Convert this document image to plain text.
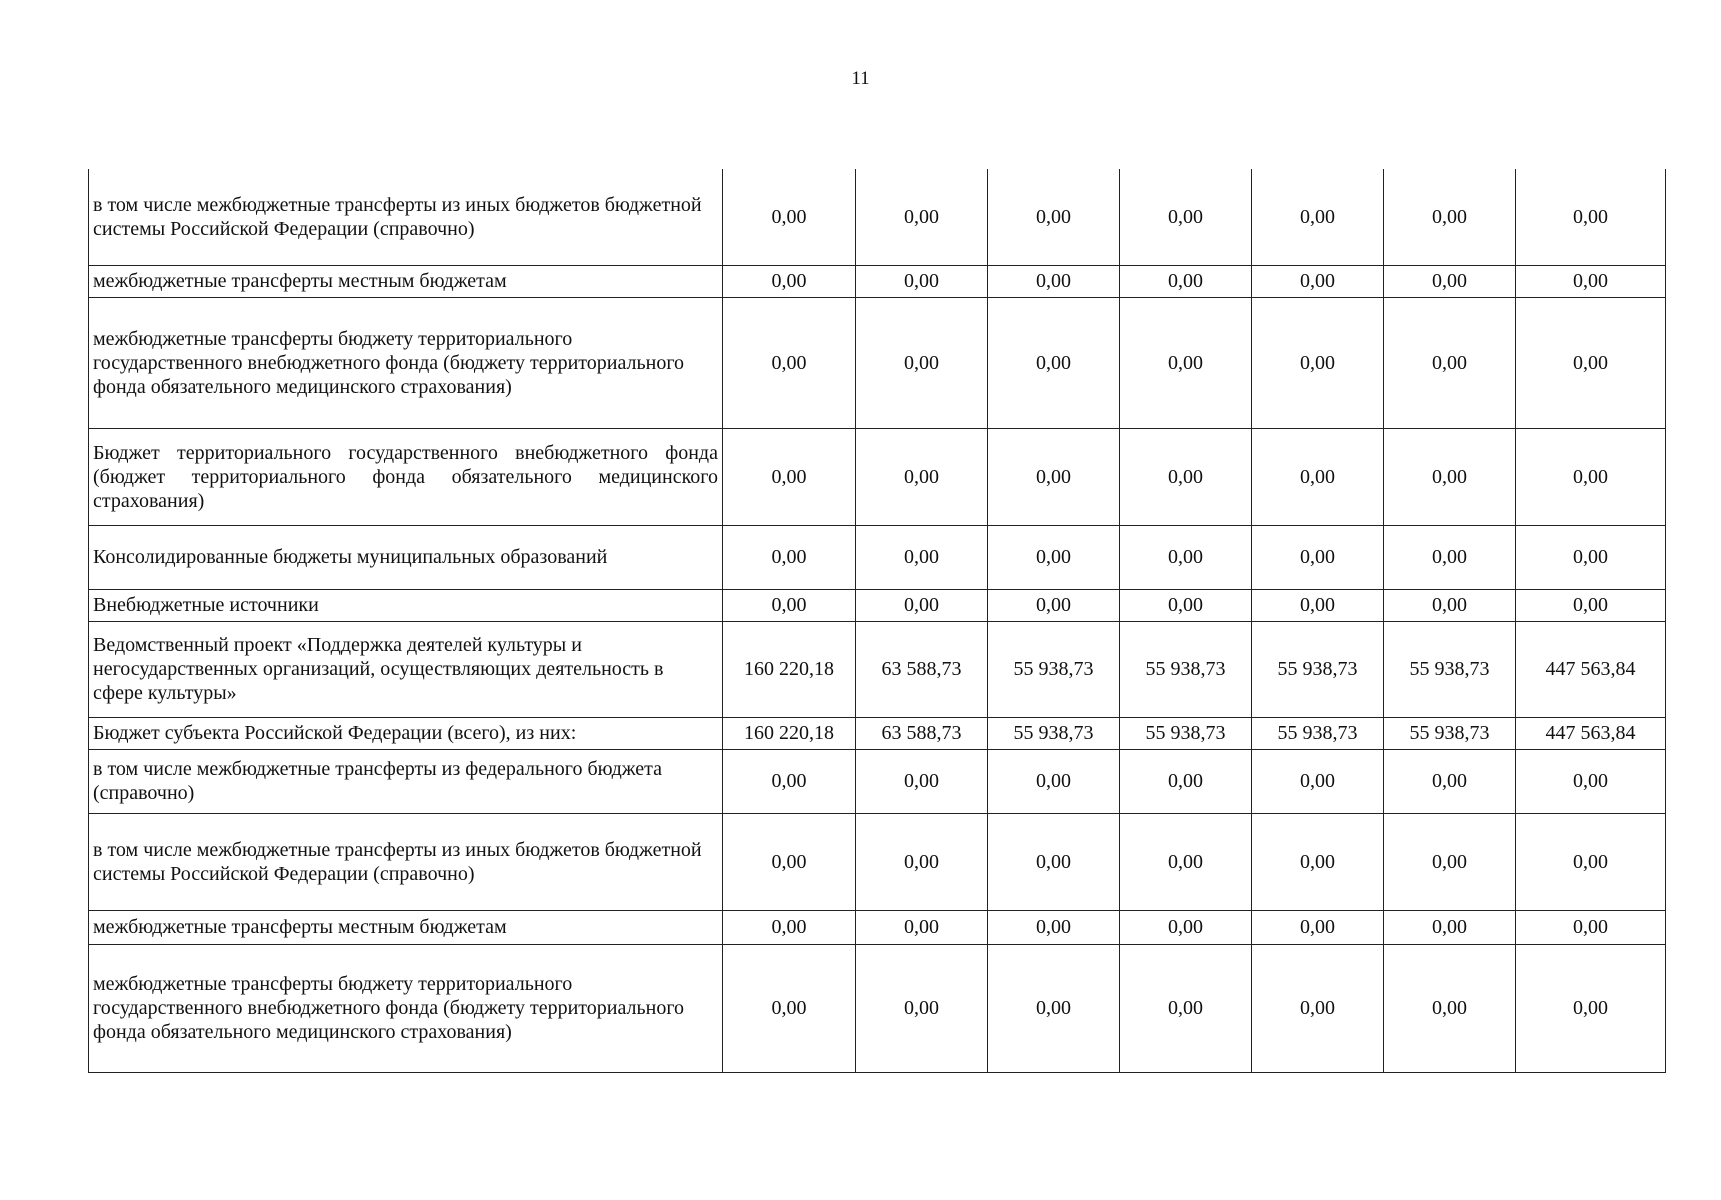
11
в том числе межбюджетные трансферты из иных бюджетов бюджетной системы Российской Федерации (справочно)	0,00	0,00	0,00	0,00	0,00	0,00	0,00
межбюджетные трансферты местным бюджетам	0,00	0,00	0,00	0,00	0,00	0,00	0,00
межбюджетные трансферты бюджету территориального государственного внебюджетного фонда (бюджету территориального фонда обязательного медицинского страхования)	0,00	0,00	0,00	0,00	0,00	0,00	0,00
Бюджет территориального государственного внебюджетного фонда (бюджет территориального фонда обязательного медицинского страхования)	0,00	0,00	0,00	0,00	0,00	0,00	0,00
Консолидированные бюджеты муниципальных образований	0,00	0,00	0,00	0,00	0,00	0,00	0,00
Внебюджетные источники	0,00	0,00	0,00	0,00	0,00	0,00	0,00
Ведомственный проект «Поддержка деятелей культуры и негосударственных организаций, осуществляющих деятельность в сфере культуры»	160 220,18	63 588,73	55 938,73	55 938,73	55 938,73	55 938,73	447 563,84
Бюджет субъекта Российской Федерации (всего), из них:	160 220,18	63 588,73	55 938,73	55 938,73	55 938,73	55 938,73	447 563,84
в том числе межбюджетные трансферты из федерального бюджета (справочно)	0,00	0,00	0,00	0,00	0,00	0,00	0,00
в том числе межбюджетные трансферты из иных бюджетов бюджетной системы Российской Федерации (справочно)	0,00	0,00	0,00	0,00	0,00	0,00	0,00
межбюджетные трансферты местным бюджетам	0,00	0,00	0,00	0,00	0,00	0,00	0,00
межбюджетные трансферты бюджету территориального государственного внебюджетного фонда (бюджету территориального фонда обязательного медицинского страхования)	0,00	0,00	0,00	0,00	0,00	0,00	0,00
